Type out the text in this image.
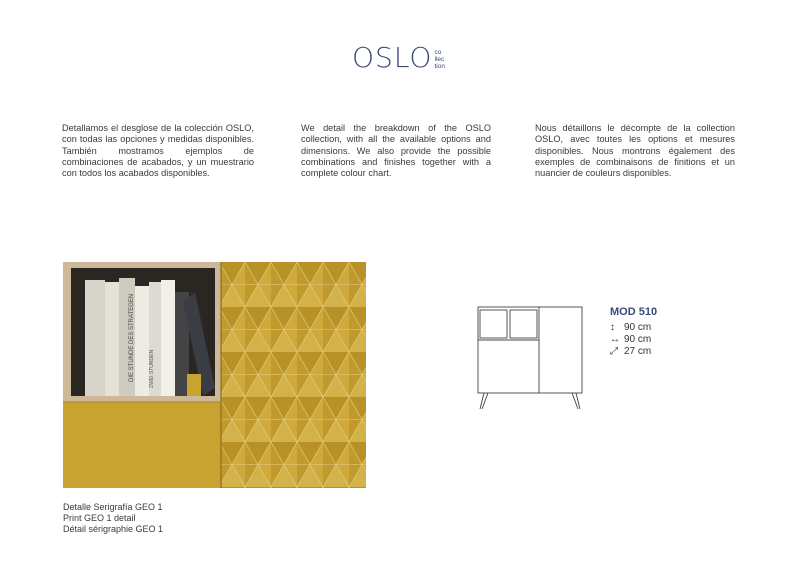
OSLO co
llec
tion

Detallamos el desglose de la colección OSLO, con todas las opciones y medidas disponibles. También mostramos ejemplos de combinaciones de acabados, y un muestrario con todos los acabados disponibles.

We detail the breakdown of the OSLO collection, with all the available options and dimensions. We also provide the possible combinations and finishes together with a complete colour chart.

Nous détaillons le décompte de la collection OSLO, avec toutes les options et mesures disponibles. Nous montrons également des exemples de combinaisons de finitions et un nuancier de couleurs disponibles.

DIE STUNDE DES STRATEGEN	ZWEI STUNDEN
Detalle Serigrafía GEO 1
Print GEO 1 detail
Détail sérigraphie GEO 1
MOD 510
↕ 90 cm
↔ 90 cm
⤢ 27 cm
